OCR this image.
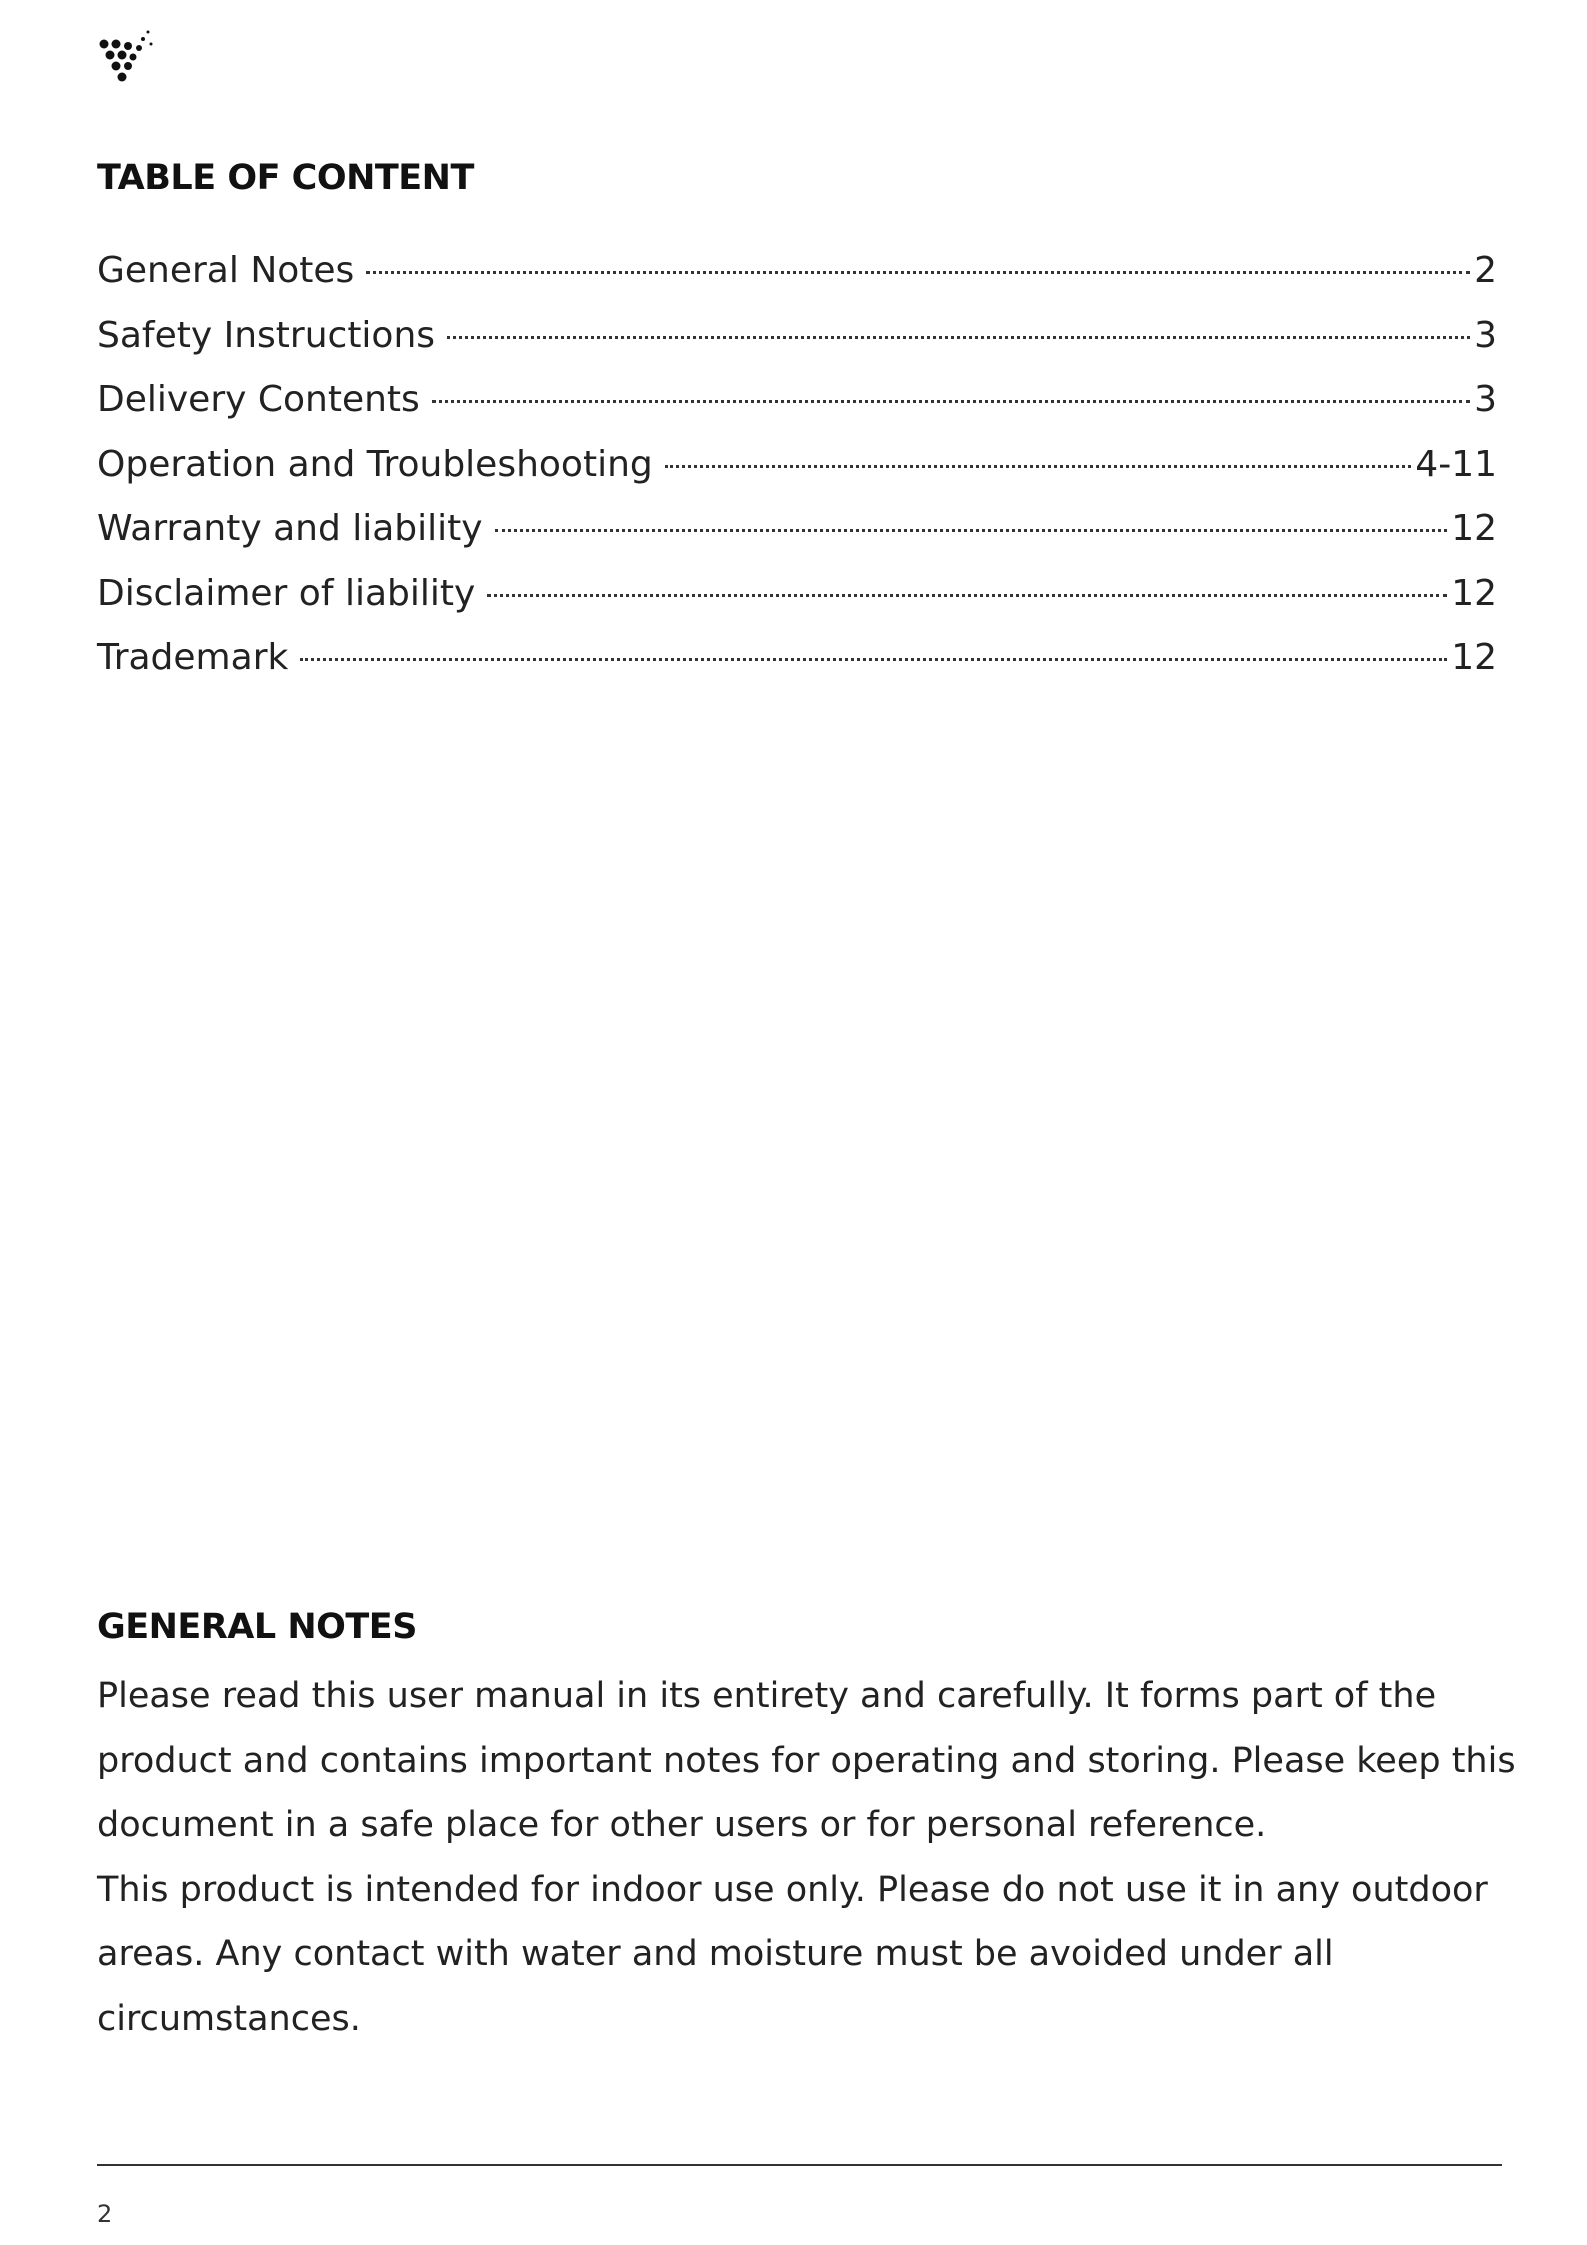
TABLE OF CONTENT
General Notes	2
Safety Instructions	3
Delivery Contents	3
Operation and Troubleshooting	4-11
Warranty and liability	12
Disclaimer of liability	12
Trademark	12
GENERAL NOTES

Please read this user manual in its entirety and carefully. It forms part of the product and contains important notes for operating and storing. Please keep this document in a safe place for other users or for personal reference.

This product is intended for indoor use only. Please do not use it in any outdoor areas. Any contact with water and moisture must be avoided under all circumstances.

2
